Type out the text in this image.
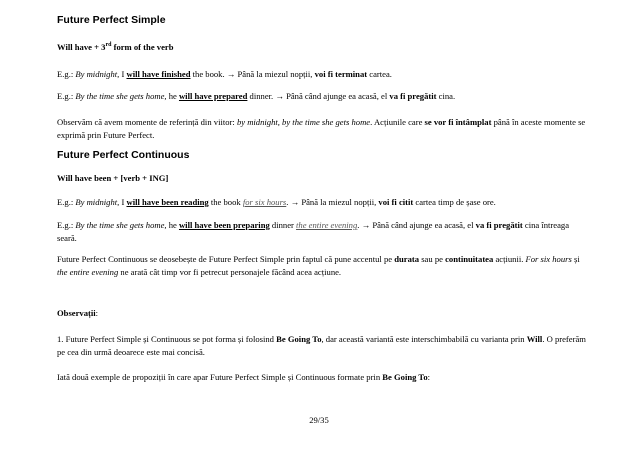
Future Perfect Simple
Will have + 3rd form of the verb
E.g.: By midnight, I will have finished the book. → Până la miezul nopții, voi fi terminat cartea.
E.g.: By the time she gets home, he will have prepared dinner. → Până când ajunge ea acasă, el va fi pregătit cina.
Observăm că avem momente de referință din viitor: by midnight, by the time she gets home. Acțiunile care se vor fi întâmplat până în aceste momente se exprimă prin Future Perfect.
Future Perfect Continuous
Will have been + [verb + ING]
E.g.: By midnight, I will have been reading the book for six hours. → Până la miezul nopții, voi fi citit cartea timp de șase ore.
E.g.: By the time she gets home, he will have been preparing dinner the entire evening. → Până când ajunge ea acasă, el va fi pregătit cina întreaga seară.
Future Perfect Continuous se deosebește de Future Perfect Simple prin faptul că pune accentul pe durata sau pe continuitatea acțiunii. For six hours și the entire evening ne arată cât timp vor fi petrecut personajele făcând acea acțiune.
Observații:
1. Future Perfect Simple și Continuous se pot forma și folosind Be Going To, dar această variantă este interschimbabilă cu varianta prin Will. O preferăm pe cea din urmă deoarece este mai concisă.
Iată două exemple de propoziții în care apar Future Perfect Simple și Continuous formate prin Be Going To:
29/35
